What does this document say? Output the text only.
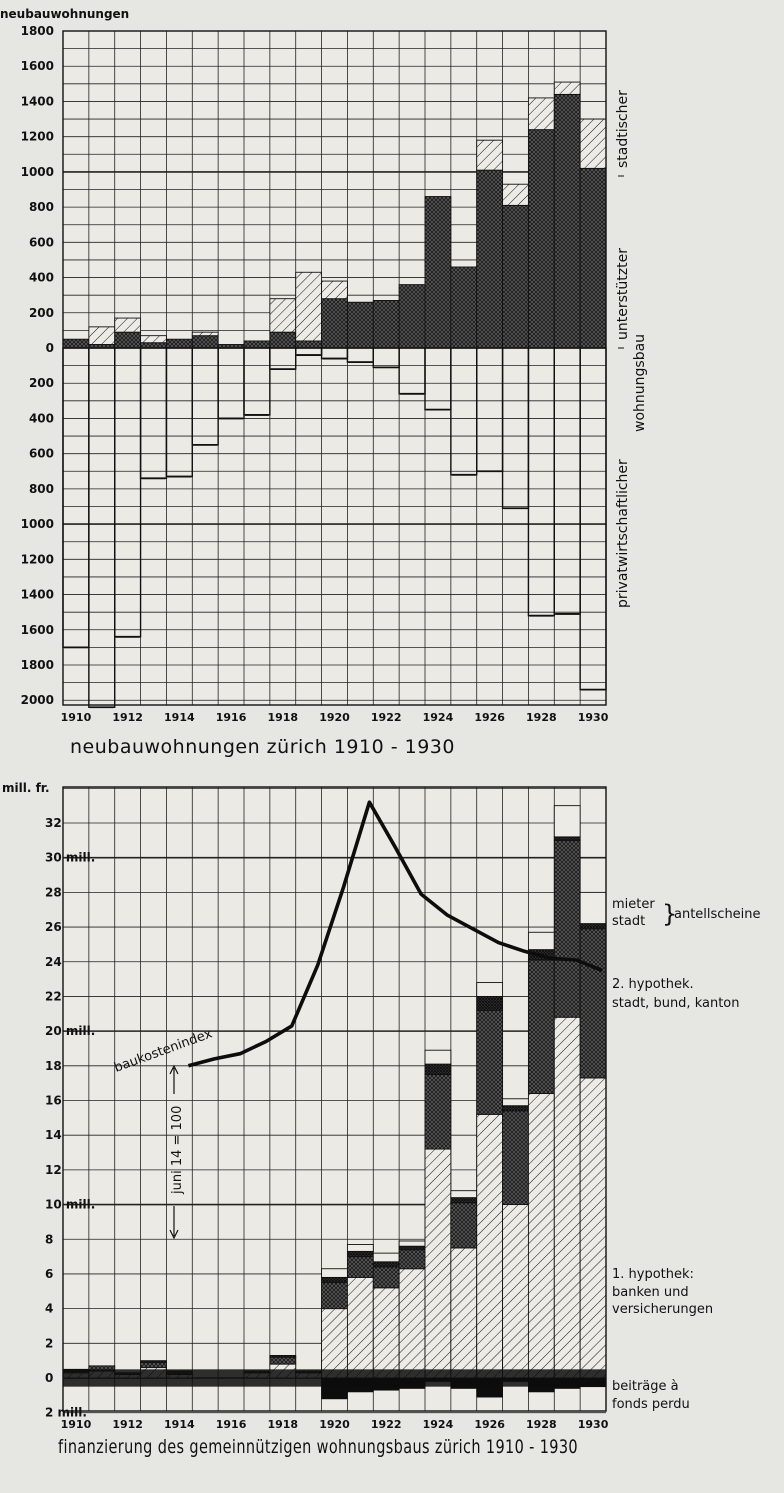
1800
1600
1400
1200
1000
800
600
400
200
0
200
400
600
800
1000
1200
1400
1600
1800
2000
1910 1912 1914 1916 1918 1920 1922 1924 1926 1928 1930
mill. fr.
32
30 mill.
28
26
24
22
20 mill.
18
16
14
12
10 mill.
8
6
4
2
0
2 mill.
1910 1912 1914 1916 1918 1920 1922 1924 1926 1928 1930
neubauwohnungen
neubauwohnungen zürich 1910 - 1930
stadtischer
unterstützter
wohnungsbau
privatwirtschaftlicher
finanzierung des gemeinnützigen wohnungsbaus zürich 1910 - 1930
mieter
stadt }
antellscheine
2. hypothek.
stadt, bund, kanton
1. hypothek:
banken und
versicherungen
beiträge à
fonds perdu
baukostenindex
juni 14 = 100
